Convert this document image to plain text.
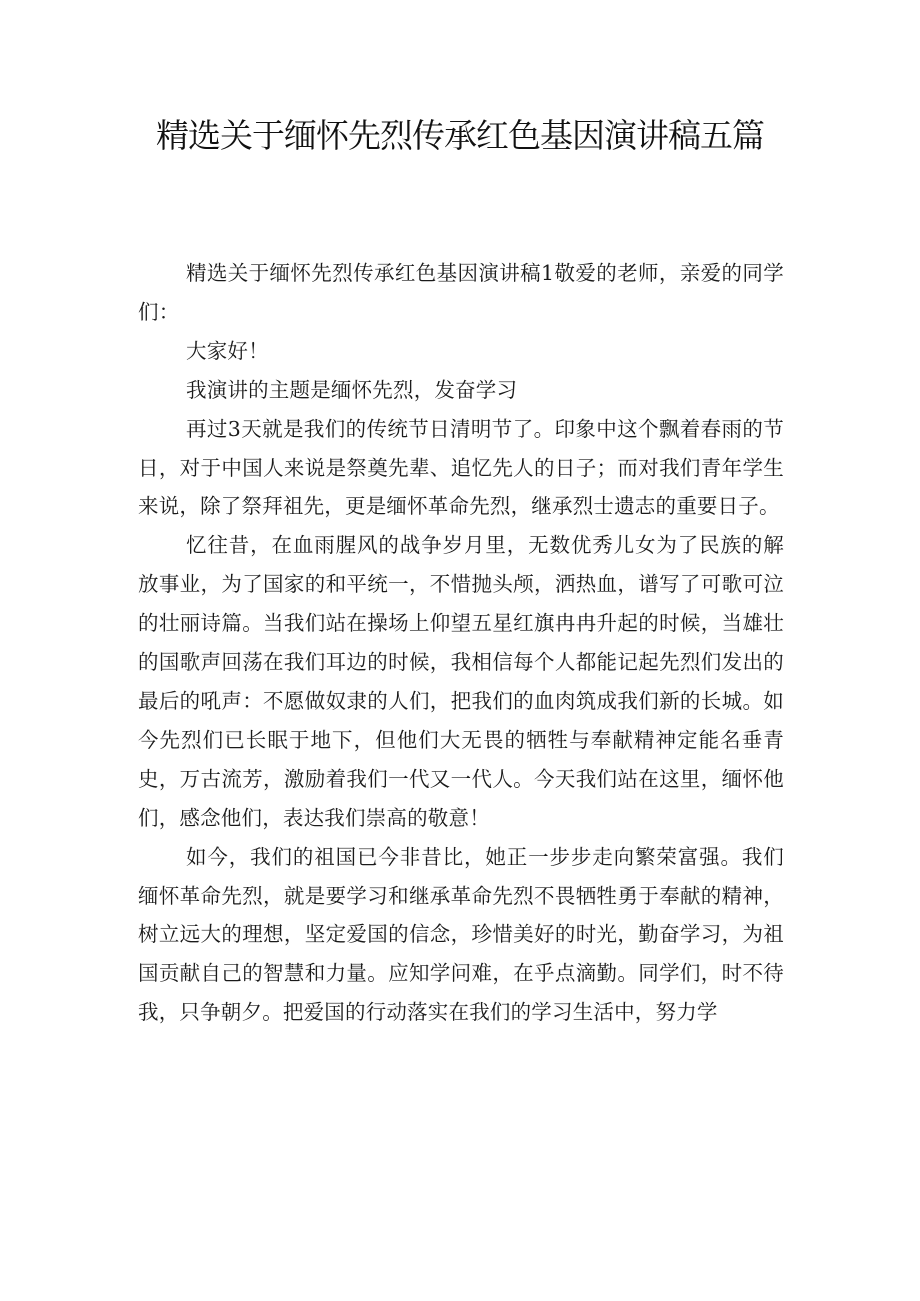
精选关于缅怀先烈传承红色基因演讲稿五篇

精选关于缅怀先烈传承红色基因演讲稿1敬爱的老师，亲爱的同学们：

大家好！

我演讲的主题是缅怀先烈，发奋学习

再过3天就是我们的传统节日清明节了。印象中这个飘着春雨的节日，对于中国人来说是祭奠先辈、追忆先人的日子；而对我们青年学生来说，除了祭拜祖先，更是缅怀革命先烈，继承烈士遗志的重要日子。

忆往昔，在血雨腥风的战争岁月里，无数优秀儿女为了民族的解放事业，为了国家的和平统一，不惜抛头颅，洒热血，谱写了可歌可泣的壮丽诗篇。当我们站在操场上仰望五星红旗冉冉升起的时候，当雄壮的国歌声回荡在我们耳边的时候，我相信每个人都能记起先烈们发出的最后的吼声：不愿做奴隶的人们，把我们的血肉筑成我们新的长城。如今先烈们已长眠于地下，但他们大无畏的牺牲与奉献精神定能名垂青史，万古流芳，激励着我们一代又一代人。今天我们站在这里，缅怀他们，感念他们，表达我们崇高的敬意！

如今，我们的祖国已今非昔比，她正一步步走向繁荣富强。我们缅怀革命先烈，就是要学习和继承革命先烈不畏牺牲勇于奉献的精神，树立远大的理想，坚定爱国的信念，珍惜美好的时光，勤奋学习，为祖国贡献自己的智慧和力量。应知学问难，在乎点滴勤。同学们，时不待我，只争朝夕。把爱国的行动落实在我们的学习生活中，努力学
